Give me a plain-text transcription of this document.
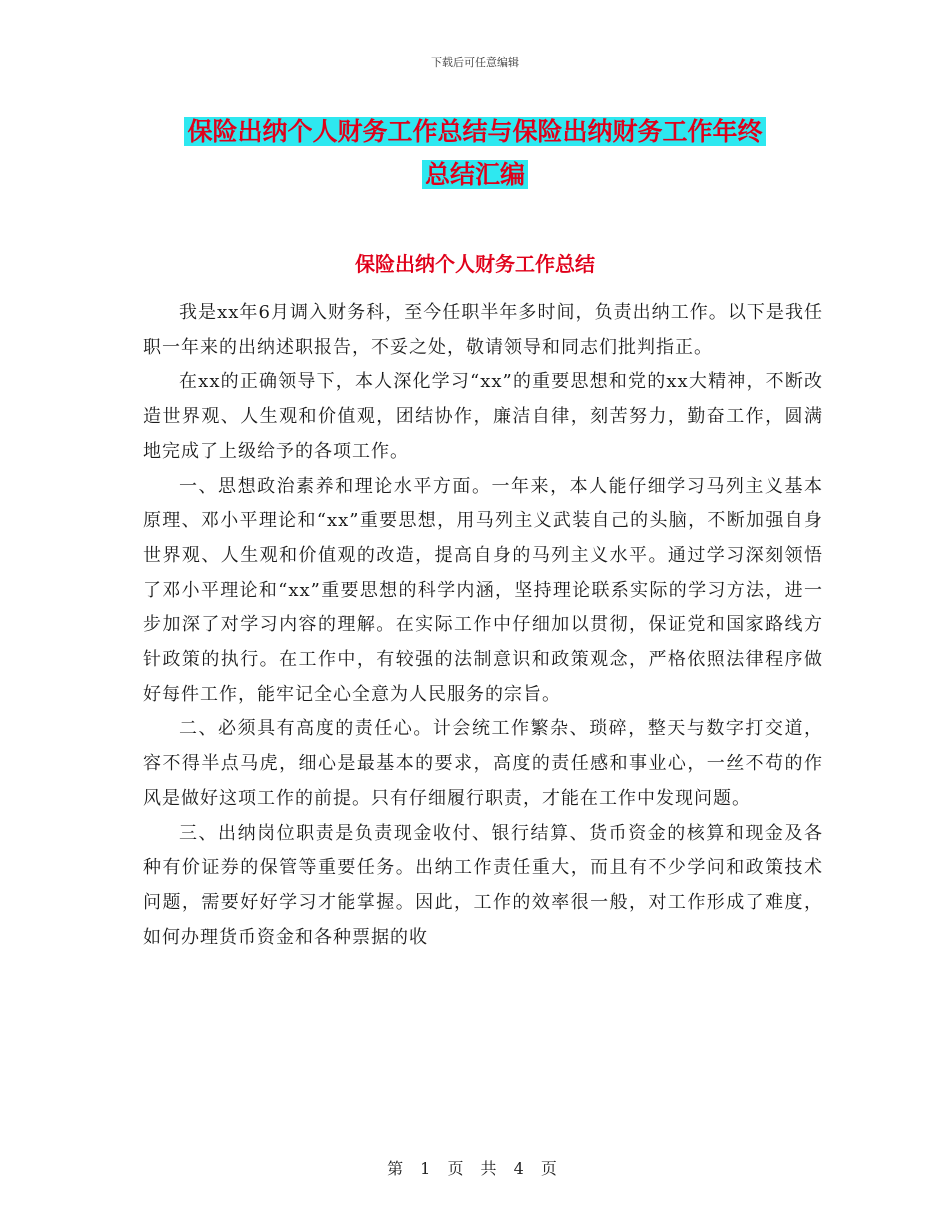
下载后可任意编辑
保险出纳个人财务工作总结与保险出纳财务工作年终
总结汇编
保险出纳个人财务工作总结

我是xx年6月调入财务科，至今任职半年多时间，负责出纳工作。以下是我任职一年来的出纳述职报告，不妥之处，敬请领导和同志们批判指正。

在xx的正确领导下，本人深化学习“xx”的重要思想和党的xx大精神，不断改造世界观、人生观和价值观，团结协作，廉洁自律，刻苦努力，勤奋工作，圆满地完成了上级给予的各项工作。

一、思想政治素养和理论水平方面。一年来，本人能仔细学习马列主义基本原理、邓小平理论和“xx”重要思想，用马列主义武装自己的头脑，不断加强自身世界观、人生观和价值观的改造，提高自身的马列主义水平。通过学习深刻领悟了邓小平理论和“xx”重要思想的科学内涵，坚持理论联系实际的学习方法，进一步加深了对学习内容的理解。在实际工作中仔细加以贯彻，保证党和国家路线方针政策的执行。在工作中，有较强的法制意识和政策观念，严格依照法律程序做好每件工作，能牢记全心全意为人民服务的宗旨。

二、必须具有高度的责任心。计会统工作繁杂、琐碎，整天与数字打交道，容不得半点马虎，细心是最基本的要求，高度的责任感和事业心，一丝不苟的作风是做好这项工作的前提。只有仔细履行职责，才能在工作中发现问题。

三、出纳岗位职责是负责现金收付、银行结算、货币资金的核算和现金及各种有价证券的保管等重要任务。出纳工作责任重大，而且有不少学问和政策技术问题，需要好好学习才能掌握。因此，工作的效率很一般，对工作形成了难度，如何办理货币资金和各种票据的收

第 1 页 共 4 页
